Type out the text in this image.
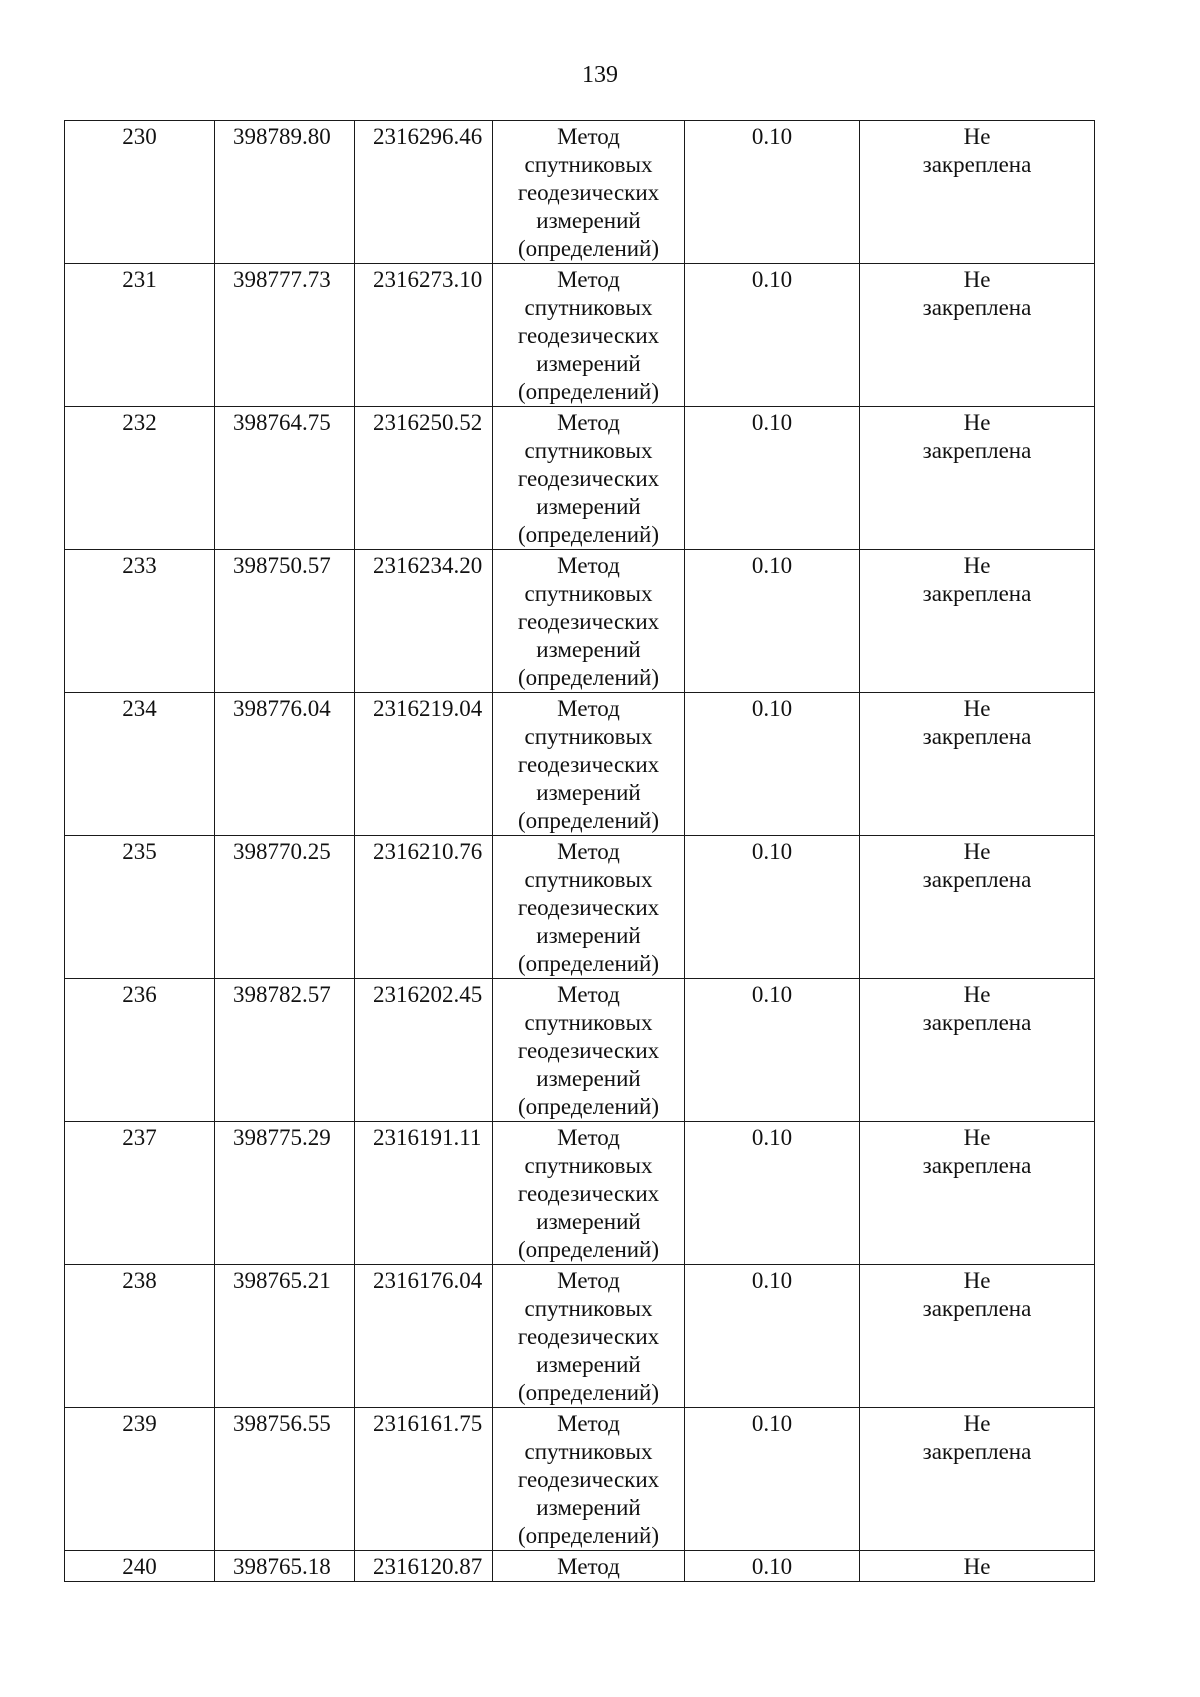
139
230	398789.80	2316296.46	Метод
спутниковых
геодезических
измерений
(определений)	0.10	Не
закреплена

231	398777.73	2316273.10	Метод
спутниковых
геодезических
измерений
(определений)	0.10	Не
закреплена

232	398764.75	2316250.52	Метод
спутниковых
геодезических
измерений
(определений)	0.10	Не
закреплена

233	398750.57	2316234.20	Метод
спутниковых
геодезических
измерений
(определений)	0.10	Не
закреплена

234	398776.04	2316219.04	Метод
спутниковых
геодезических
измерений
(определений)	0.10	Не
закреплена

235	398770.25	2316210.76	Метод
спутниковых
геодезических
измерений
(определений)	0.10	Не
закреплена

236	398782.57	2316202.45	Метод
спутниковых
геодезических
измерений
(определений)	0.10	Не
закреплена

237	398775.29	2316191.11	Метод
спутниковых
геодезических
измерений
(определений)	0.10	Не
закреплена

238	398765.21	2316176.04	Метод
спутниковых
геодезических
измерений
(определений)	0.10	Не
закреплена

239	398756.55	2316161.75	Метод
спутниковых
геодезических
измерений
(определений)	0.10	Не
закреплена

240	398765.18	2316120.87	Метод	0.10	Не
